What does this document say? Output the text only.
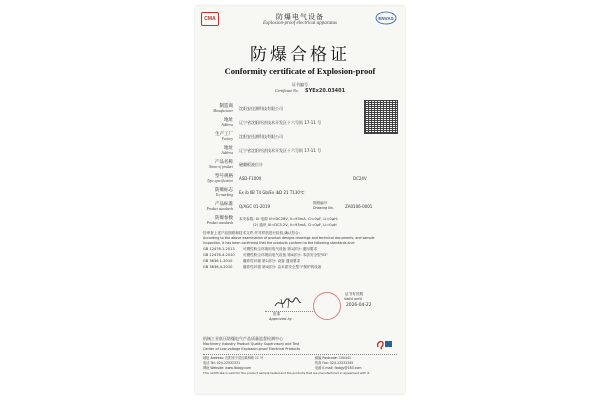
CMA	ENVAS
防爆电气设备
Explosion-proof electrical apparatus
防爆合格证
Conformity certificate of Explosion-proof
证书编号
Certificate No. SYEx20.03401
制造商
Manufacturer 沈阳安佳测科技有限公司
地址
Address 辽宁省沈阳经济技术开发区十六号街 17-11 号
生产工厂
Factory 沈阳安佳测科技有限公司
地址
Address 辽宁省沈阳经济技术开发区十六号街 17-11 号
产品名称
Name of product 磁翻板液位计
型号规格
Type specification ASD-F100X	DC24V
防爆标志
Ex-marking Ex ib ⅡB T4 Gb/Ex ibD 21 T130℃
产品标准
Product standards Q/AGC 01-2019
图纸编号
Drawing No.	ZA0106-0001
防爆参数
Product standards
本安参数: Ui 电源 Ui=DC28V, Ii=93mA, Ci=0μF, Li=0μH;
(2) 通讯 Ui=DC5.2V, Ii=93mA, Ci=0μF, Li=0μH
经审查上述产品图纸和技术文件,并对样机进行检验,确认符合:
According to the above examination of product designs drawings and technical documents, and sample
inspection, it has been confirmed that the products conform to the following standards and:
GB 12476.1-2013 可燃性粉尘环境用电气设备 第1部分: 通用要求
GB 12476.4-2010 可燃性粉尘环境用电气设备 第4部分: 本质安全型"iD"
GB 3836.1-2010	爆炸性环境 第1部分: 设备 通用要求
GB 3836.4-2010	爆炸性环境 第4部分: 由本质安全型"i"保护的设备
批准
Approved by
证书有效期
Valid until
2026-04-22
机械工业低压防爆电气产品质量监督检测中心
Machinery Industry Product Quality Supervisory and Test
Center of Low-voltage Explosion-proof Electrical Products
地址 Address: 沈阳市于洪区黄海路 11 号	邮编 Postcode: 100441
电话 Tel: 024-22532331	传真 Fax: 024-22532345
网址 Website: www.fbdqjy.com	电邮 E-mail: fbdqjy@163.com
This certificate is valid for the product sample tested and the products that are manufactured in agreement with it.
